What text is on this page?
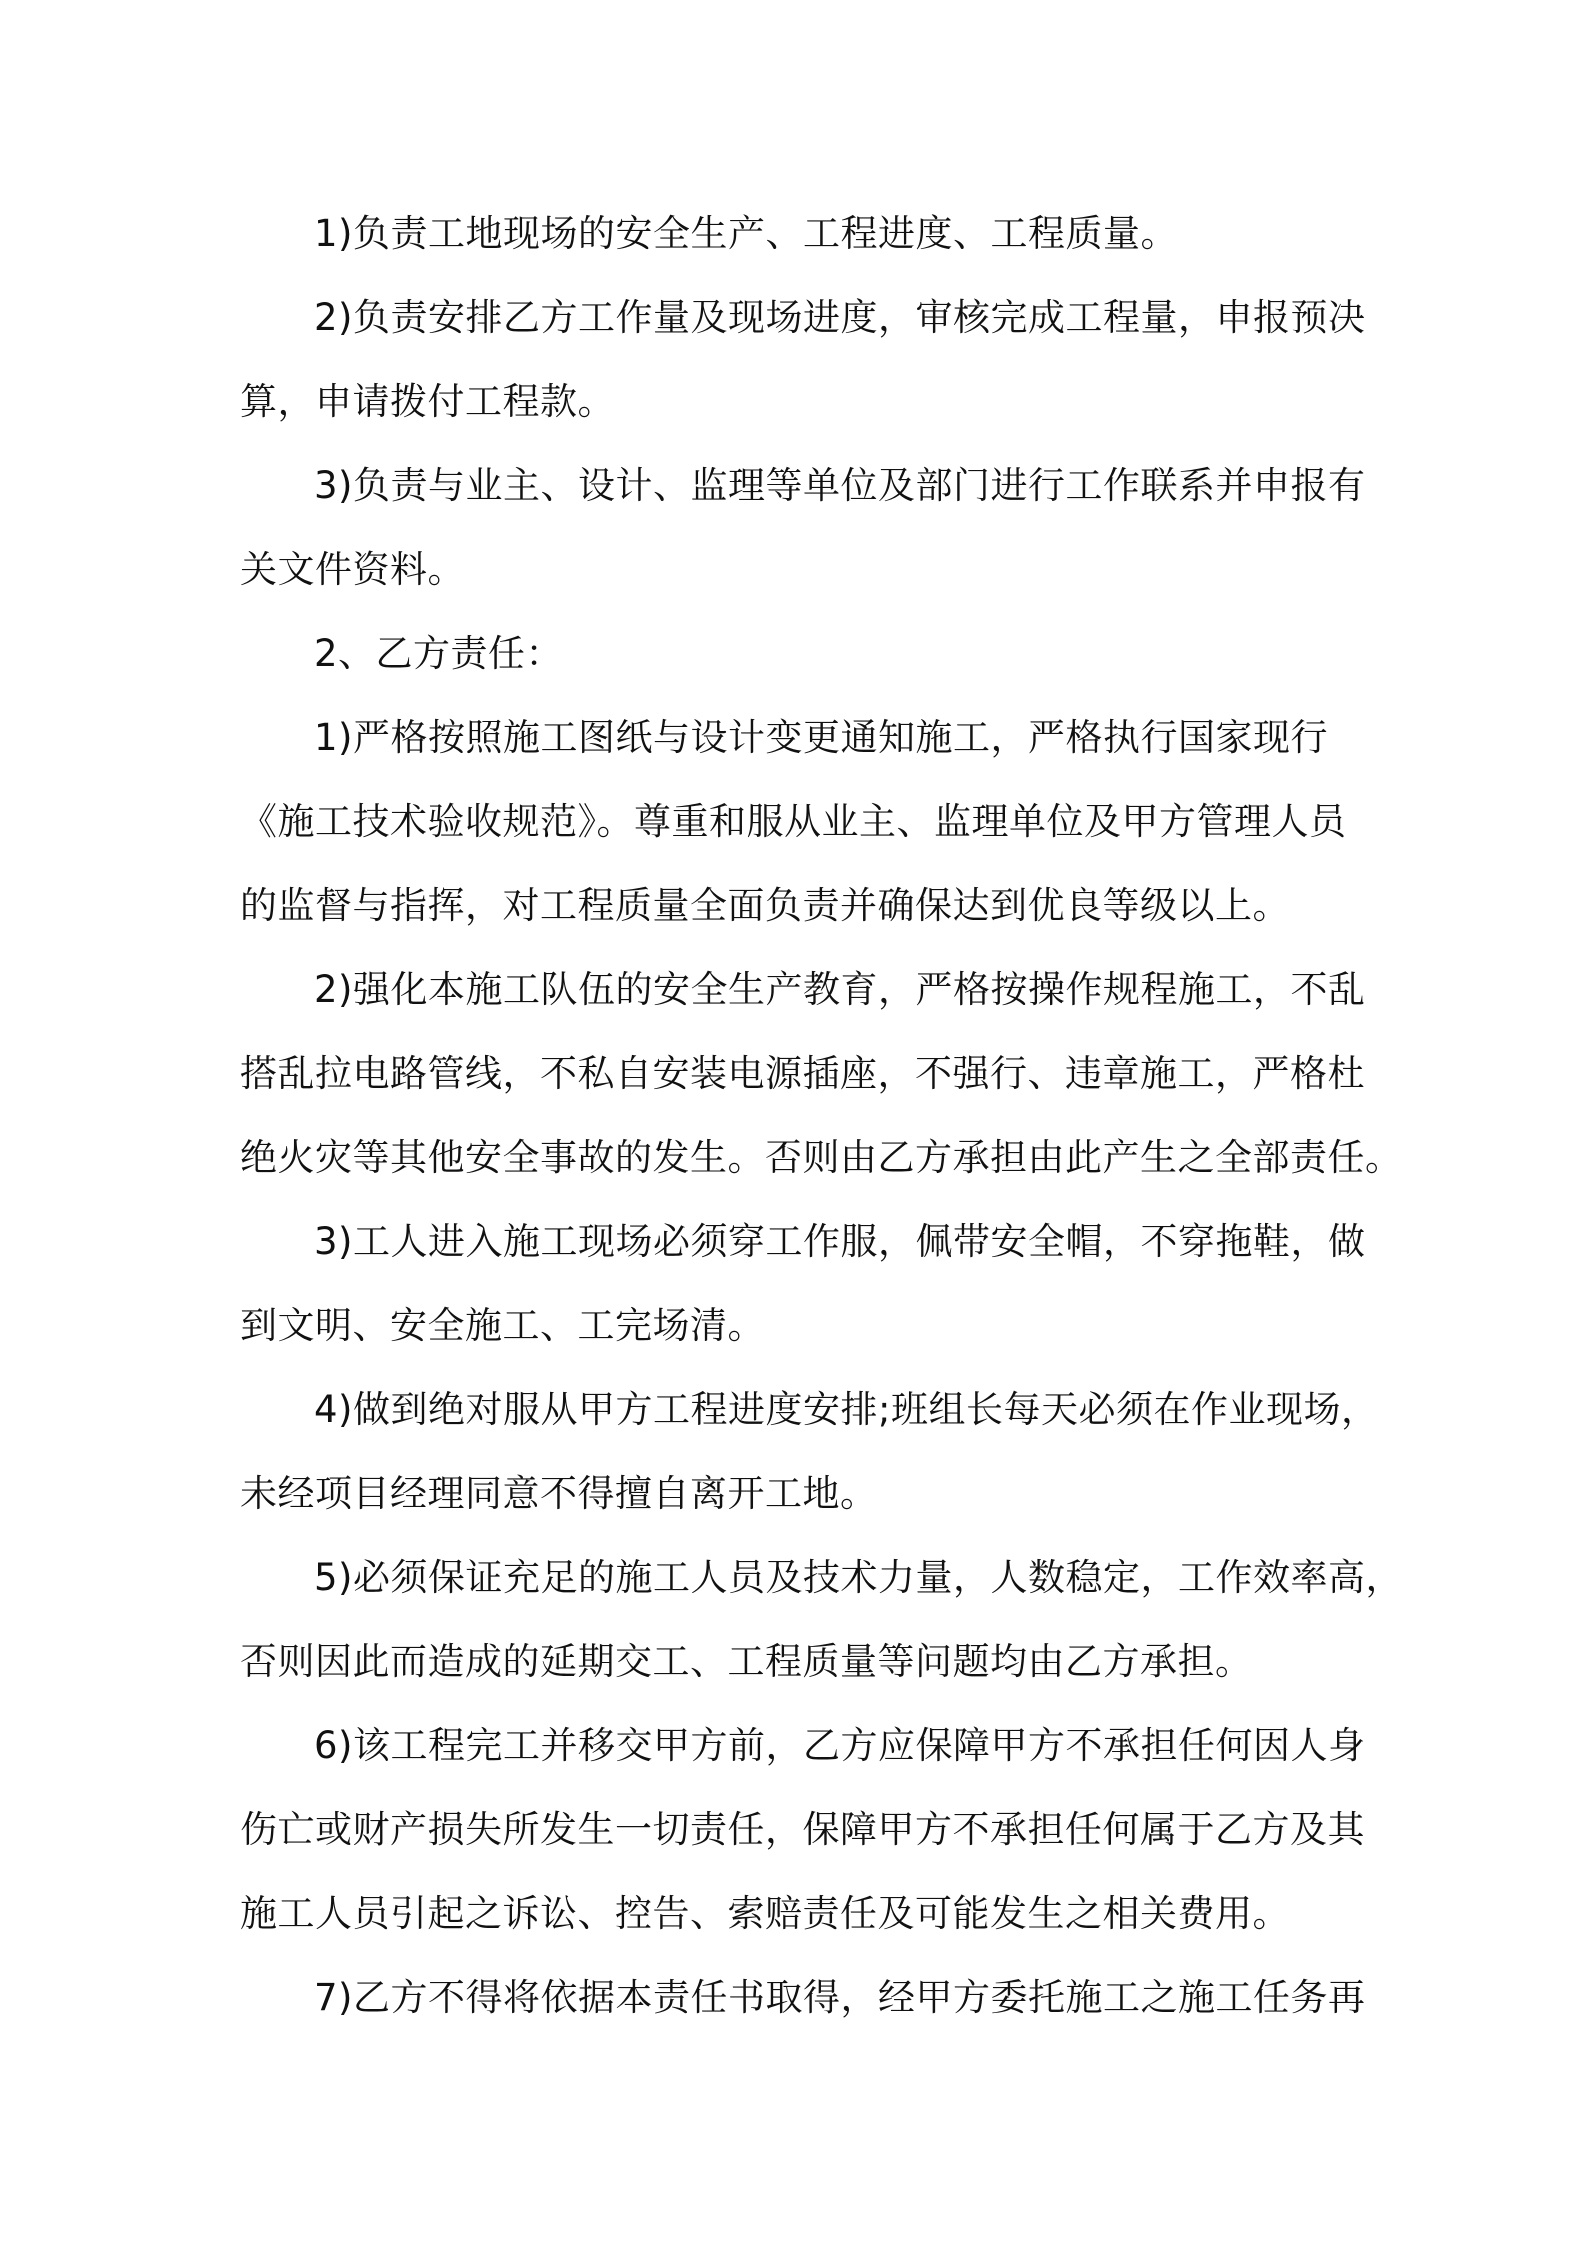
1)负责工地现场的安全生产、工程进度、工程质量。
2)负责安排乙方工作量及现场进度，审核完成工程量，申报预决
算，申请拨付工程款。
3)负责与业主、设计、监理等单位及部门进行工作联系并申报有
关文件资料。
2、乙方责任：
1)严格按照施工图纸与设计变更通知施工，严格执行国家现行
《施工技术验收规范》。尊重和服从业主、监理单位及甲方管理人员
的监督与指挥，对工程质量全面负责并确保达到优良等级以上。
2)强化本施工队伍的安全生产教育，严格按操作规程施工，不乱
搭乱拉电路管线，不私自安装电源插座，不强行、违章施工，严格杜
绝火灾等其他安全事故的发生。否则由乙方承担由此产生之全部责任。
3)工人进入施工现场必须穿工作服，佩带安全帽，不穿拖鞋，做
到文明、安全施工、工完场清。
4)做到绝对服从甲方工程进度安排;班组长每天必须在作业现场，
未经项目经理同意不得擅自离开工地。
5)必须保证充足的施工人员及技术力量，人数稳定，工作效率高，
否则因此而造成的延期交工、工程质量等问题均由乙方承担。
6)该工程完工并移交甲方前，乙方应保障甲方不承担任何因人身
伤亡或财产损失所发生一切责任，保障甲方不承担任何属于乙方及其
施工人员引起之诉讼、控告、索赔责任及可能发生之相关费用。
7)乙方不得将依据本责任书取得，经甲方委托施工之施工任务再
